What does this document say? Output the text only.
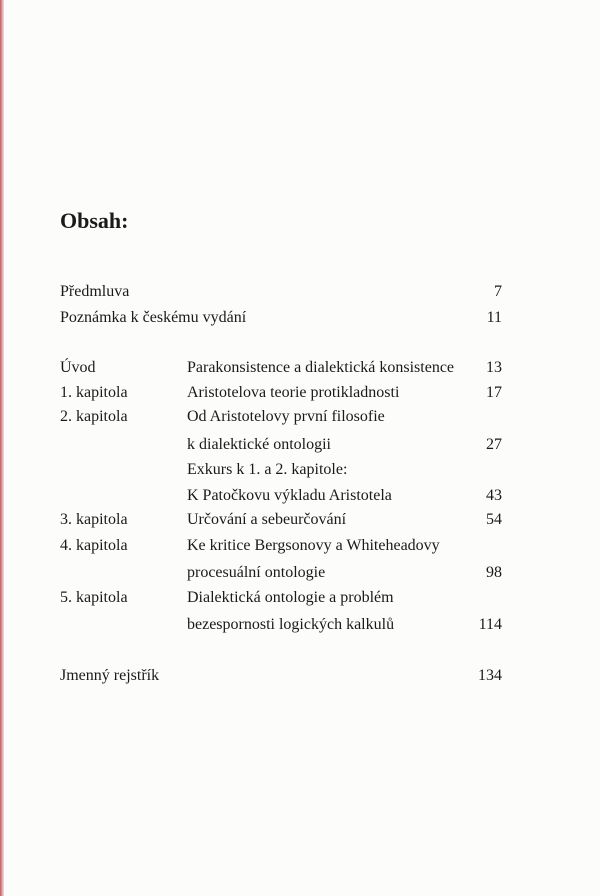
Obsah:
Předmluva	7
Poznámka k českému vydání	11
Úvod	Parakonsistence a dialektická konsistence 13
1. kapitola	Aristotelova teorie protikladnosti	17
2. kapitola	Od Aristotelovy první filosofie
k dialektické ontologii	27
Exkurs k 1. a 2. kapitole:
K Patočkovu výkladu Aristotela	43
3. kapitola	Určování a sebeurčování	54
4. kapitola	Ke kritice Bergsonovy a Whiteheadovy
procesuální ontologie	98
5. kapitola	Dialektická ontologie a problém
bezespornosti logických kalkulů	114
Jmenný rejstřík	134
